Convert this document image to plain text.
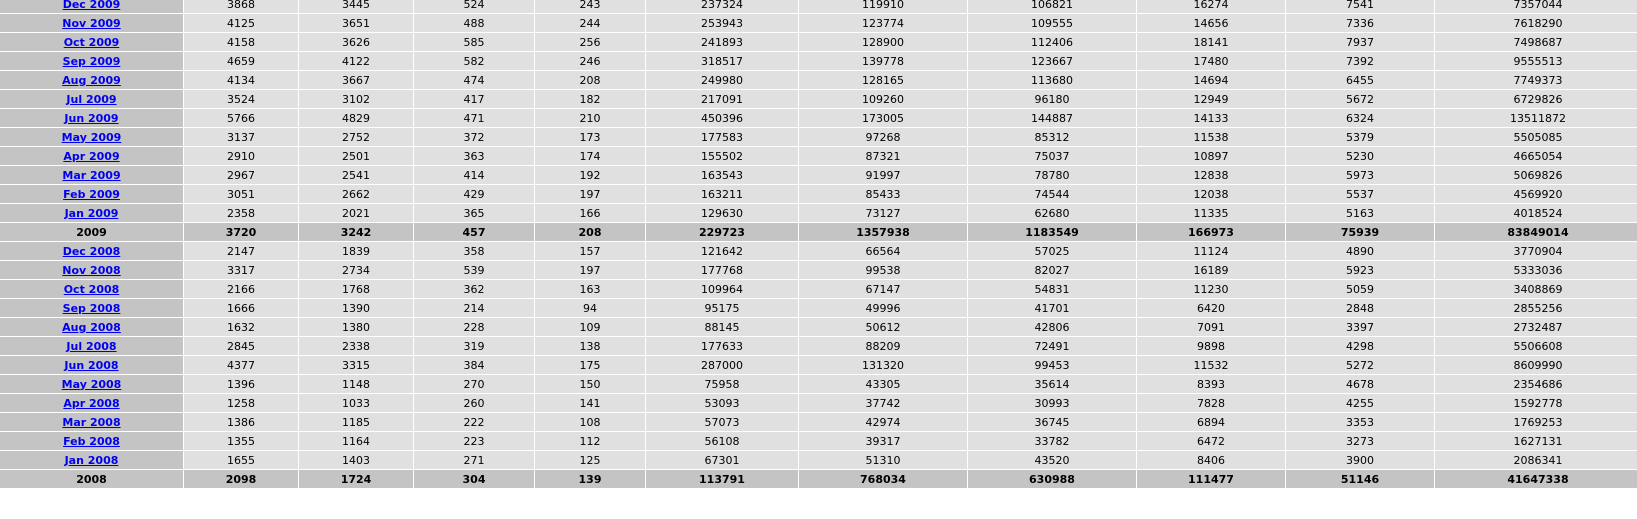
Dec 2009	3868	3445	524	243	237324	119910	106821	16274	7541	7357044
Nov 2009	4125	3651	488	244	253943	123774	109555	14656	7336	7618290
Oct 2009	4158	3626	585	256	241893	128900	112406	18141	7937	7498687
Sep 2009	4659	4122	582	246	318517	139778	123667	17480	7392	9555513
Aug 2009	4134	3667	474	208	249980	128165	113680	14694	6455	7749373
Jul 2009	3524	3102	417	182	217091	109260	96180	12949	5672	6729826
Jun 2009	5766	4829	471	210	450396	173005	144887	14133	6324	13511872
May 2009	3137	2752	372	173	177583	97268	85312	11538	5379	5505085
Apr 2009	2910	2501	363	174	155502	87321	75037	10897	5230	4665054
Mar 2009	2967	2541	414	192	163543	91997	78780	12838	5973	5069826
Feb 2009	3051	2662	429	197	163211	85433	74544	12038	5537	4569920
Jan 2009	2358	2021	365	166	129630	73127	62680	11335	5163	4018524
2009	3720	3242	457	208	229723	1357938	1183549	166973	75939	83849014
Dec 2008	2147	1839	358	157	121642	66564	57025	11124	4890	3770904
Nov 2008	3317	2734	539	197	177768	99538	82027	16189	5923	5333036
Oct 2008	2166	1768	362	163	109964	67147	54831	11230	5059	3408869
Sep 2008	1666	1390	214	94	95175	49996	41701	6420	2848	2855256
Aug 2008	1632	1380	228	109	88145	50612	42806	7091	3397	2732487
Jul 2008	2845	2338	319	138	177633	88209	72491	9898	4298	5506608
Jun 2008	4377	3315	384	175	287000	131320	99453	11532	5272	8609990
May 2008	1396	1148	270	150	75958	43305	35614	8393	4678	2354686
Apr 2008	1258	1033	260	141	53093	37742	30993	7828	4255	1592778
Mar 2008	1386	1185	222	108	57073	42974	36745	6894	3353	1769253
Feb 2008	1355	1164	223	112	56108	39317	33782	6472	3273	1627131
Jan 2008	1655	1403	271	125	67301	51310	43520	8406	3900	2086341
2008	2098	1724	304	139	113791	768034	630988	111477	51146	41647338
